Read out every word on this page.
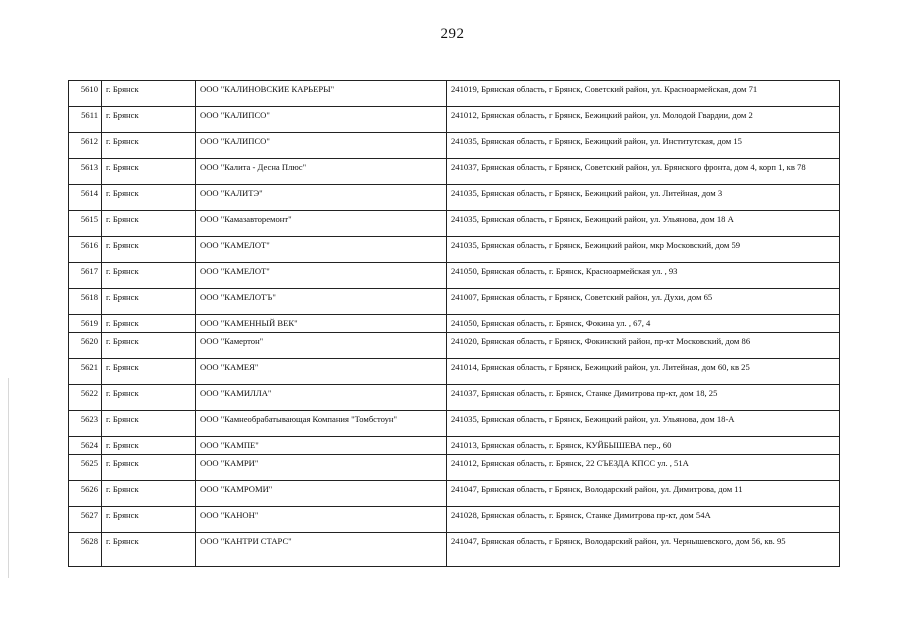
292
5610	г. Брянск	ООО "КАЛИНОВСКИЕ КАРЬЕРЫ"	241019, Брянская область, г Брянск, Советский район, ул. Красноармейская, дом 71
5611	г. Брянск	ООО "КАЛИПСО"	241012, Брянская область, г Брянск, Бежицкий район, ул. Молодой Гвардии, дом 2
5612	г. Брянск	ООО "КАЛИПСО"	241035, Брянская область, г Брянск, Бежицкий район, ул. Институтская, дом 15
5613	г. Брянск	ООО "Калита - Десна Плюс"	241037, Брянская область, г Брянск, Советский район, ул. Брянского фронта, дом 4, корп 1, кв 78
5614	г. Брянск	ООО "КАЛИТЭ"	241035, Брянская область, г Брянск, Бежицкий район, ул. Литейная, дом 3
5615	г. Брянск	ООО "Камазавторемонт"	241035, Брянская область, г Брянск, Бежицкий район, ул. Ульянова, дом 18 А
5616	г. Брянск	ООО "КАМЕЛОТ"	241035, Брянская область, г Брянск, Бежицкий район, мкр Московский, дом 59
5617	г. Брянск	ООО "КАМЕЛОТ"	241050, Брянская область, г. Брянск, Красноармейская ул. , 93
5618	г. Брянск	ООО "КАМЕЛОТЪ"	241007, Брянская область, г Брянск, Советский район, ул. Духи, дом 65
5619	г. Брянск	ООО "КАМЕННЫЙ ВЕК"	241050, Брянская область, г. Брянск, Фокина ул. , 67, 4
5620	г. Брянск	ООО "Камертон"	241020, Брянская область, г Брянск, Фокинский район, пр-кт Московский, дом 86
5621	г. Брянск	ООО "КАМЕЯ"	241014, Брянская область, г Брянск, Бежицкий район, ул. Литейная, дом 60, кв 25
5622	г. Брянск	ООО "КАМИЛЛА"	241037, Брянская область, г. Брянск, Станке Димитрова пр-кт, дом 18, 25
5623	г. Брянск	ООО "Камнеобрабатывающая Компания "Томбстоун"	241035, Брянская область, г Брянск, Бежицкий район, ул. Ульянова, дом 18-А
5624	г. Брянск	ООО "КАМПЕ"	241013, Брянская область, г. Брянск, КУЙБЫШЕВА пер., 60
5625	г. Брянск	ООО "КАМРИ"	241012, Брянская область, г. Брянск, 22 СЪЕЗДА КПСС ул. , 51А
5626	г. Брянск	ООО "КАМРОМИ"	241047, Брянская область, г Брянск, Володарский район, ул. Димитрова, дом 11
5627	г. Брянск	ООО "КАНОН"	241028, Брянская область, г. Брянск, Станке Димитрова пр-кт, дом 54А
5628	г. Брянск	ООО "КАНТРИ СТАРС"	241047, Брянская область, г Брянск, Володарский район, ул. Чернышевского, дом 56, кв. 95
